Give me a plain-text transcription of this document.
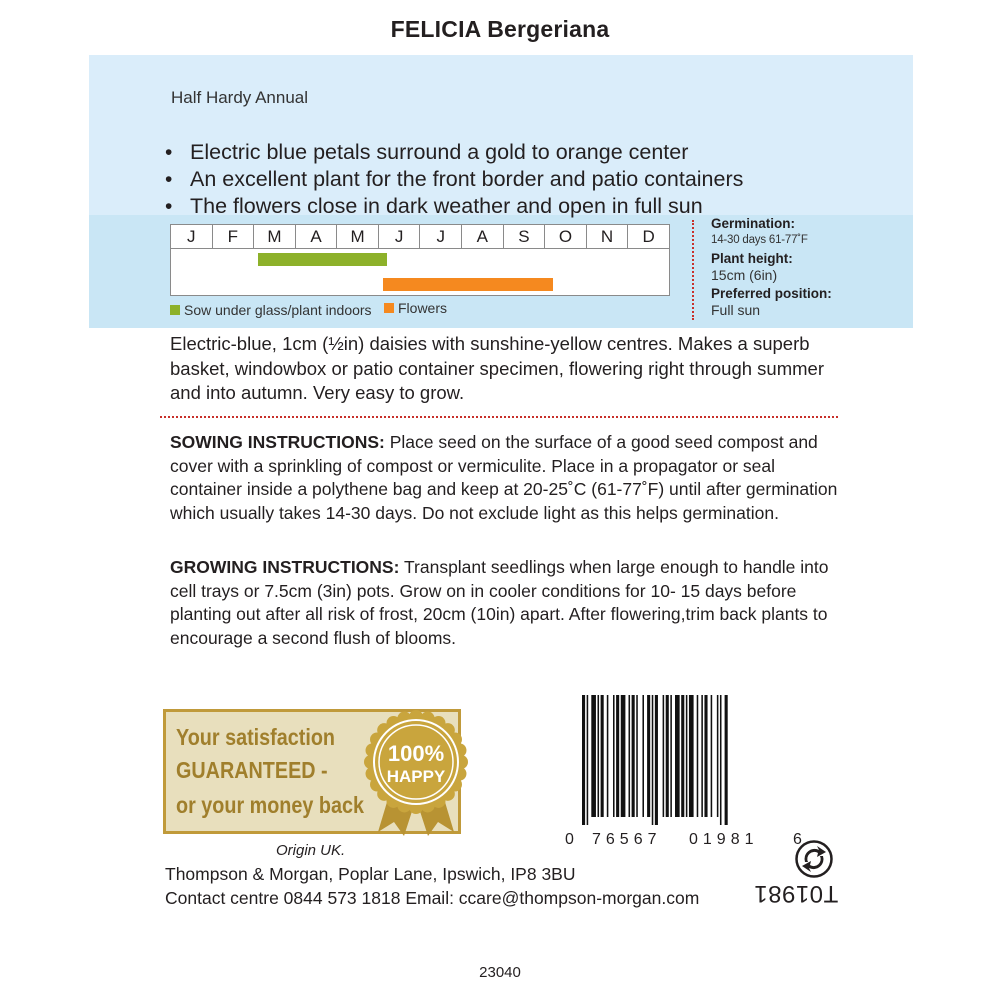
FELICIA Bergeriana
Half Hardy Annual
• Electric blue petals surround a gold to orange center
• An excellent plant for the front border and patio containers
• The flowers close in dark weather and open in full sun
J	F	M	A	M	J	J	A	S	O	N	D
Sow under glass/plant indoors Flowers
Germination:
14-30 days 61-77˚F
Plant height:
15cm (6in)
Preferred position:
Full sun
Electric-blue, 1cm (½in) daisies with sunshine-yellow centres. Makes a superb basket, windowbox or patio container specimen, flowering right through summer and into autumn. Very easy to grow.
SOWING INSTRUCTIONS: Place seed on the surface of a good seed compost and cover with a sprinkling of compost or vermiculite. Place in a propagator or seal container inside a polythene bag and keep at 20-25˚C (61-77˚F) until after germination which usually takes 14-30 days. Do not exclude light as this helps germination.
GROWING INSTRUCTIONS: Transplant seedlings when large enough to handle into cell trays or 7.5cm (3in) pots. Grow on in cooler conditions for 10- 15 days before planting out after all risk of frost, 20cm (10in) apart. After flowering,trim back plants to encourage a second flush of blooms.
Your satisfaction
GUARANTEED -
or your money back
100%
HAPPY
0 76567 01981 6
T01981
Origin UK.
Thompson & Morgan, Poplar Lane, Ipswich, IP8 3BU
Contact centre 0844 573 1818 Email: ccare@thompson-morgan.com
23040
